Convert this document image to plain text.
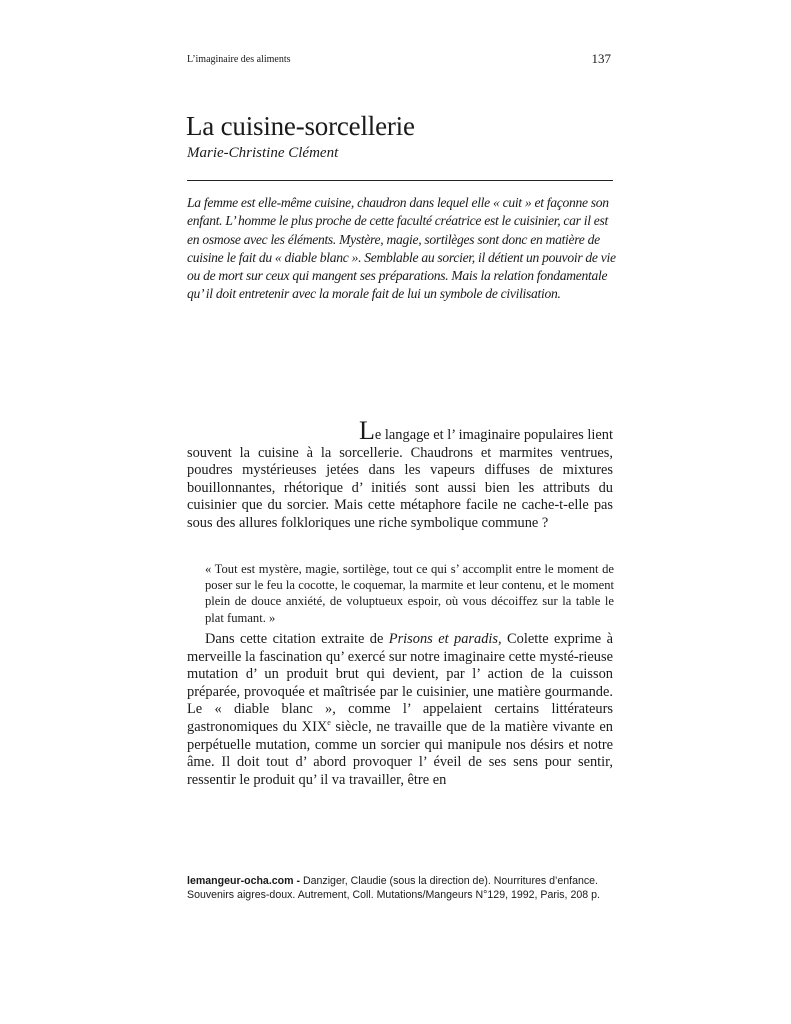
L’imaginaire des aliments	137
La cuisine-sorcellerie
Marie-Christine Clément
La femme est elle-même cuisine, chaudron dans lequel elle « cuit » et façonne son enfant. L’ homme le plus proche de cette faculté créatrice est le cuisinier, car il est en osmose avec les éléments. Mystère, magie, sortilèges sont donc en matière de cuisine le fait du « diable blanc ». Semblable au sorcier, il détient un pouvoir de vie ou de mort sur ceux qui mangent ses préparations. Mais la relation fondamentale qu’ il doit entretenir avec la morale fait de lui un symbole de civilisation.
Le langage et l’ imaginaire populaires lient souvent la cuisine à la sorcellerie. Chaudrons et marmites ventrues, poudres mystérieuses jetées dans les vapeurs diffuses de mixtures bouillonnantes, rhétorique d’ initiés sont aussi bien les attributs du cuisinier que du sorcier. Mais cette métaphore facile ne cache-t-elle pas sous des allures folkloriques une riche symbolique commune ?
« Tout est mystère, magie, sortilège, tout ce qui s’ accomplit entre le moment de poser sur le feu la cocotte, le coquemar, la marmite et leur contenu, et le moment plein de douce anxiété, de voluptueux espoir, où vous décoiffez sur la table le plat fumant. »
Dans cette citation extraite de Prisons et paradis, Colette exprime à merveille la fascination qu’ exercé sur notre imaginaire cette mysté-rieuse mutation d’ un produit brut qui devient, par l’ action de la cuisson préparée, provoquée et maîtrisée par le cuisinier, une matière gourmande. Le « diable blanc », comme l’ appelaient certains littérateurs gastronomiques du XIXe siècle, ne travaille que de la matière vivante en perpétuelle mutation, comme un sorcier qui manipule nos désirs et notre âme. Il doit tout d’ abord provoquer l’ éveil de ses sens pour sentir, ressentir le produit qu’ il va travailler, être en
lemangeur-ocha.com - Danziger, Claudie (sous la direction de). Nourritures d’enfance. Souvenirs aigres-doux. Autrement, Coll. Mutations/Mangeurs N°129, 1992, Paris, 208 p.
